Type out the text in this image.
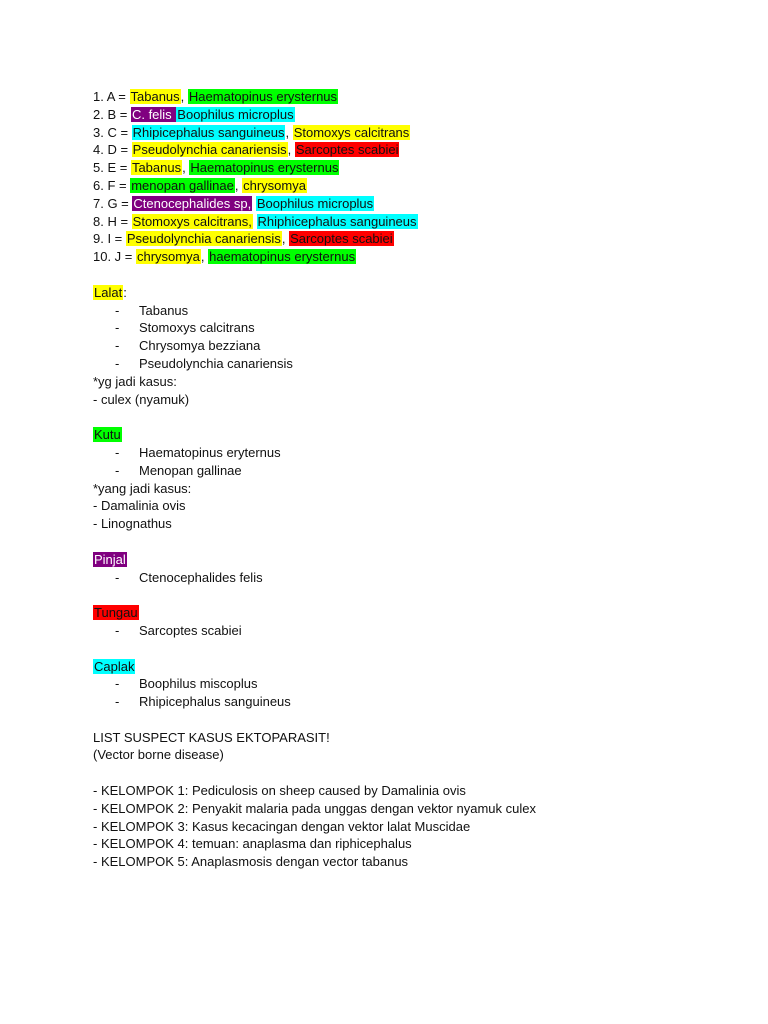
1. A = Tabanus, Haematopinus erysternus
2. B = C. felis Boophilus microplus
3. C = Rhipicephalus sanguineus, Stomoxys calcitrans
4. D = Pseudolynchia canariensis, Sarcoptes scabiei
5. E = Tabanus, Haematopinus erysternus
6. F = menopan gallinae, chrysomya
7. G = Ctenocephalides sp, Boophilus microplus
8. H = Stomoxys calcitrans, Rhiphicephalus sanguineus
9. I = Pseudolynchia canariensis, Sarcoptes scabiei
10. J = chrysomya, haematopinus erysternus
Lalat:
-	Tabanus
-	Stomoxys calcitrans
-	Chrysomya bezziana
-	Pseudolynchia canariensis
*yg jadi kasus:
- culex (nyamuk)
Kutu
-	Haematopinus eryternus
-	Menopan gallinae
*yang jadi kasus:
- Damalinia ovis
- Linognathus
Pinjal
-	Ctenocephalides felis
Tungau
-	Sarcoptes scabiei
Caplak
-	Boophilus miscoplus
-	Rhipicephalus sanguineus
LIST SUSPECT KASUS EKTOPARASIT!
(Vector borne disease)
- KELOMPOK 1: Pediculosis on sheep caused by Damalinia ovis
- KELOMPOK 2: Penyakit malaria pada unggas dengan vektor nyamuk culex
- KELOMPOK 3: Kasus kecacingan dengan vektor lalat Muscidae
- KELOMPOK 4: temuan: anaplasma dan riphicephalus
- KELOMPOK 5: Anaplasmosis dengan vector tabanus
